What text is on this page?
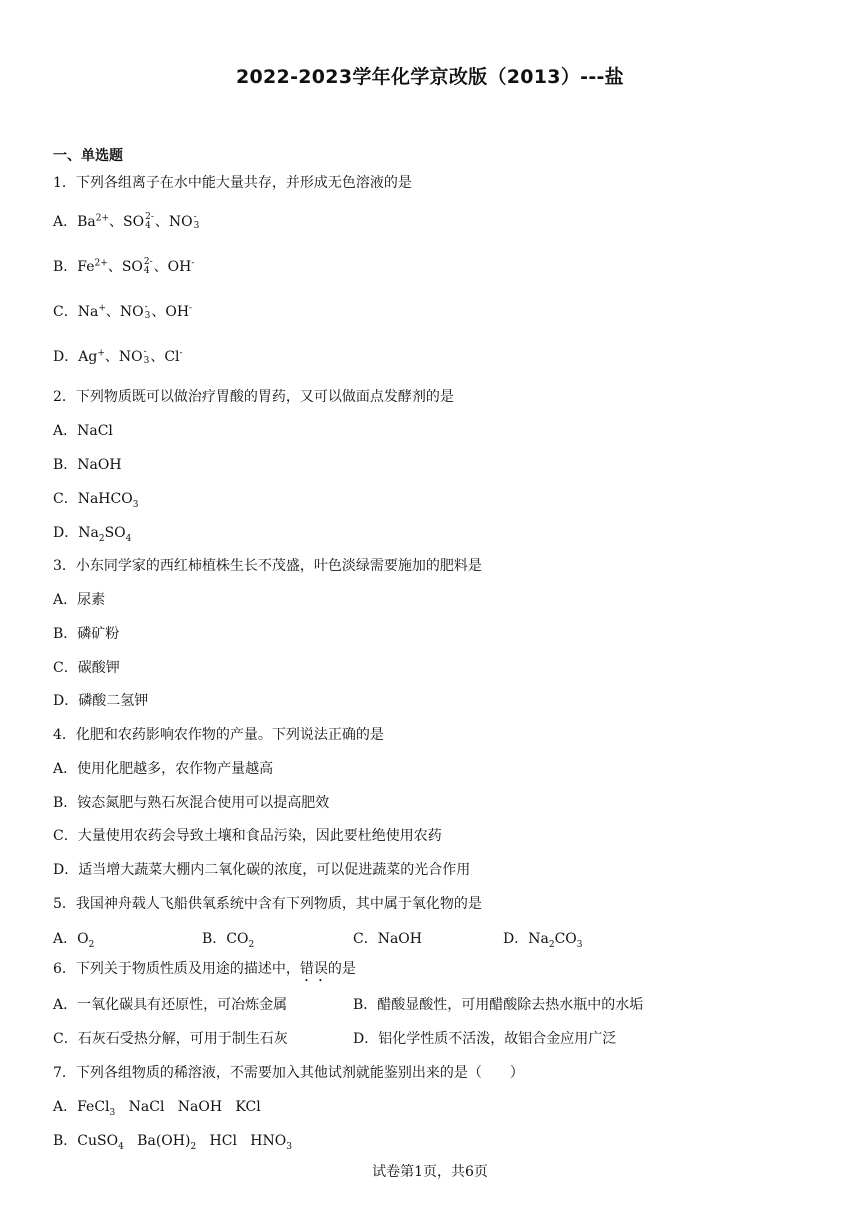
2022-2023学年化学京改版（2013）---盐
一、单选题
1．下列各组离子在水中能大量共存，并形成无色溶液的是
A．$Ba^{2+}$、SO 2-
4 、NO -
3
B．$Fe^{2+}$、SO 2-
4 、OH-
C．Na+、NO -
3 、OH-
D．Ag+、NO -
3 、Cl-
2．下列物质既可以做治疗胃酸的胃药，又可以做面点发酵剂的是
A．NaCl
B．NaOH
C．NaHCO$_3$
D．$Na_2SO_4$
3．小东同学家的西红柿植株生长不茂盛，叶色淡绿需要施加的肥料是
A．尿素
B．磷矿粉
C．碳酸钾
D．磷酸二氢钾
4．化肥和农药影响农作物的产量。下列说法正确的是
A．使用化肥越多，农作物产量越高
B．铵态氮肥与熟石灰混合使用可以提高肥效
C．大量使用农药会导致土壤和食品污染，因此要杜绝使用农药
D．适当增大蔬菜大棚内二氧化碳的浓度，可以促进蔬菜的光合作用
5．我国神舟载人飞船供氧系统中含有下列物质，其中属于氧化物的是
A．$O_2$	B．$CO_2$	C．NaOH	D．$Na_2CO_3$
6．下列关于物质性质及用途的描述中，错误的是
A．一氧化碳具有还原性，可冶炼金属	B．醋酸显酸性，可用醋酸除去热水瓶中的水垢
C．石灰石受热分解，可用于制生石灰	D．铝化学性质不活泼，故铝合金应用广泛
7．下列各组物质的稀溶液，不需要加入其他试剂就能鉴别出来的是（　　）
A．FeCl$_3$   NaCl   NaOH   KCl
B．CuSO$_4$   $Ba(OH)_2$   HCl   $HNO_3$
试卷第1页，共6页
